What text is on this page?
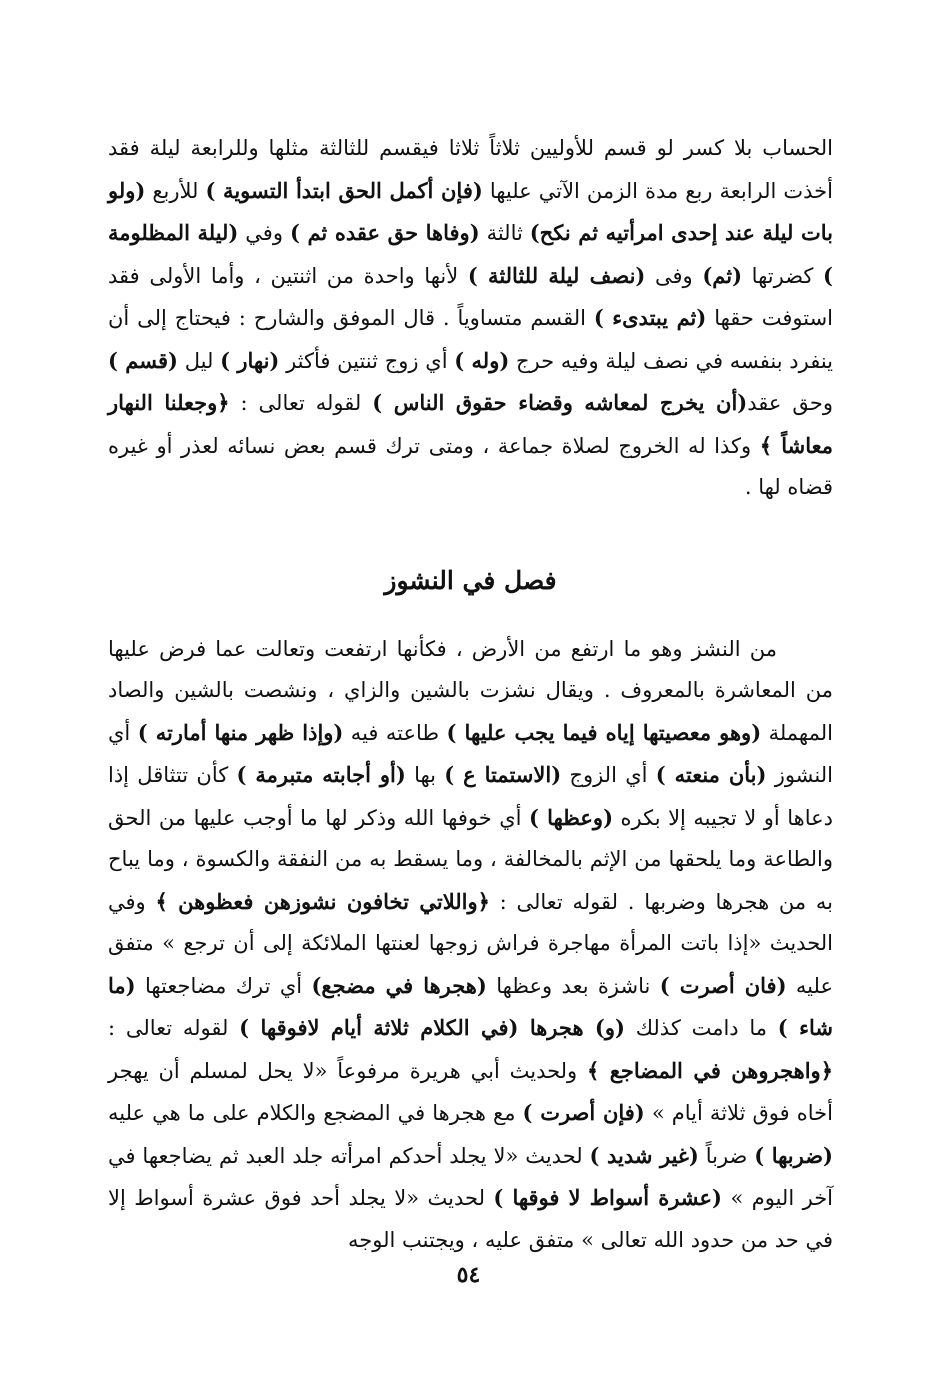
الحساب بلا كسر لو قسم للأوليين ثلاثاً ثلاثا فيقسم للثالثة مثلها وللرابعة ليلة فقد أخذت الرابعة ربع مدة الزمن الآتي عليها (فإن أكمل الحق ابتدأ التسوية ) للأربع (ولو بات ليلة عند إحدى امرأتيه ثم نكح) ثالثة (وفاها حق عقده ثم ) وفي (ليلة المظلومة ) كضرتها (ثم) وفى (نصف ليلة للثالثة ) لأنها واحدة من اثنتين ، وأما الأولى فقد استوفت حقها (ثم يبتدىء ) القسم متساوياً . قال الموفق والشارح : فيحتاج إلى أن ينفرد بنفسه في نصف ليلة وفيه حرج (وله ) أي زوج ثنتين فأكثر (نهار ) ليل (قسم ) وحق عقد(أن يخرج لمعاشه وقضاء حقوق الناس ) لقوله تعالى : ﴿وجعلنا النهار معاشاً ﴾ وكذا له الخروج لصلاة جماعة ، ومتى ترك قسم بعض نسائه لعذر أو غيره قضاه لها .

فصل في النشوز

من النشز وهو ما ارتفع من الأرض ، فكأنها ارتفعت وتعالت عما فرض عليها من المعاشرة بالمعروف . ويقال نشزت بالشين والزاي ، ونشصت بالشين والصاد المهملة (وهو معصيتها إياه فيما يجب عليها ) طاعته فيه (وإذا ظهر منها أمارته ) أي النشوز (بأن منعته ) أي الزوج (الاستمتا ع ) بها (أو أجابته متبرمة ) كأن تتثاقل إذا دعاها أو لا تجيبه إلا بكره (وعظها ) أي خوفها الله وذكر لها ما أوجب عليها من الحق والطاعة وما يلحقها من الإثم بالمخالفة ، وما يسقط به من النفقة والكسوة ، وما يباح به من هجرها وضربها . لقوله تعالى : ﴿واللاتي تخافون نشوزهن فعظوهن ﴾ وفي الحديث «إذا باتت المرأة مهاجرة فراش زوجها لعنتها الملائكة إلى أن ترجع » متفق عليه (فان أصرت ) ناشزة بعد وعظها (هجرها في مضجع) أي ترك مضاجعتها (ما شاء ) ما دامت كذلك (و) هجرها (في الكلام ثلاثة أيام لافوقها ) لقوله تعالى : ﴿واهجروهن في المضاجع ﴾ ولحديث أبي هريرة مرفوعاً «لا يحل لمسلم أن يهجر أخاه فوق ثلاثة أيام » (فإن أصرت ) مع هجرها في المضجع والكلام على ما هي عليه (ضربها ) ضرباً (غير شديد ) لحديث «لا يجلد أحدكم امرأته جلد العبد ثم يضاجعها في آخر اليوم » (عشرة أسواط لا فوقها ) لحديث «لا يجلد أحد فوق عشرة أسواط إلا في حد من حدود الله تعالى » متفق عليه ، ويجتنب الوجه

٥٤
